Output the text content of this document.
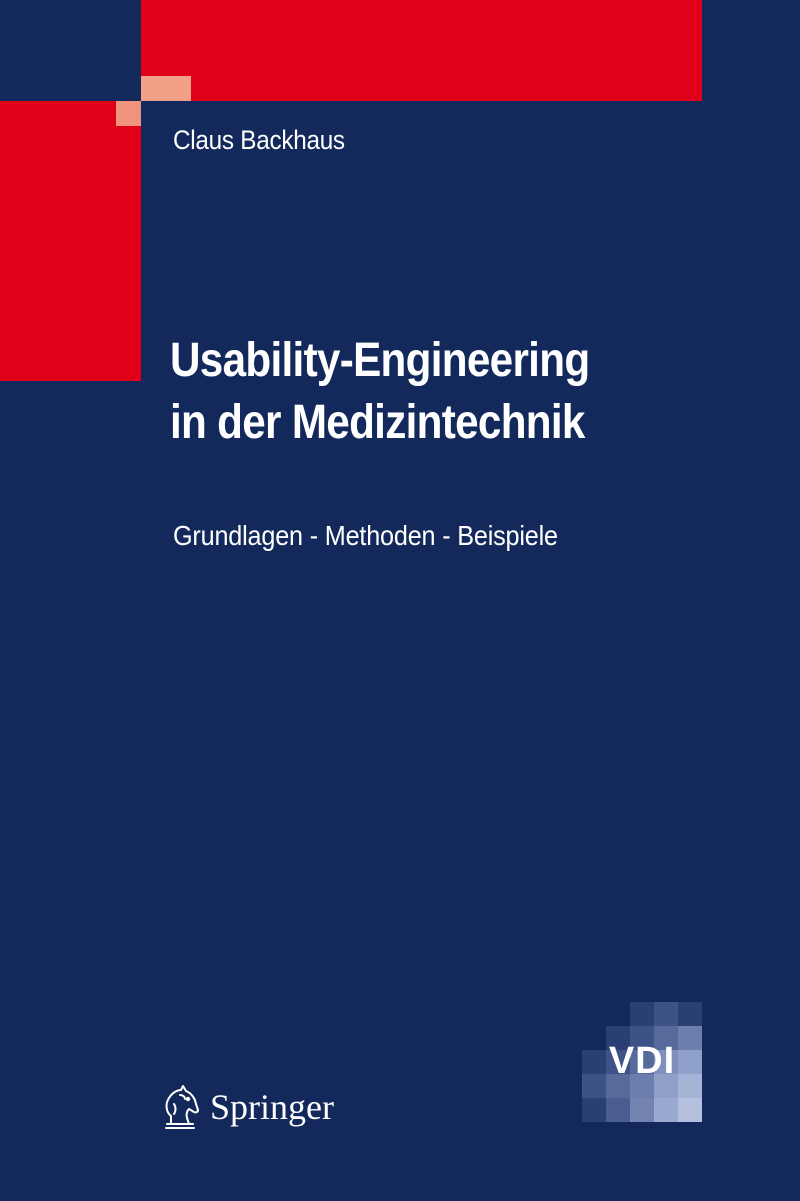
Claus Backhaus

Usability-Engineering
in der Medizintechnik

Grundlagen - Methoden - Beispiele

Springer
VDI
